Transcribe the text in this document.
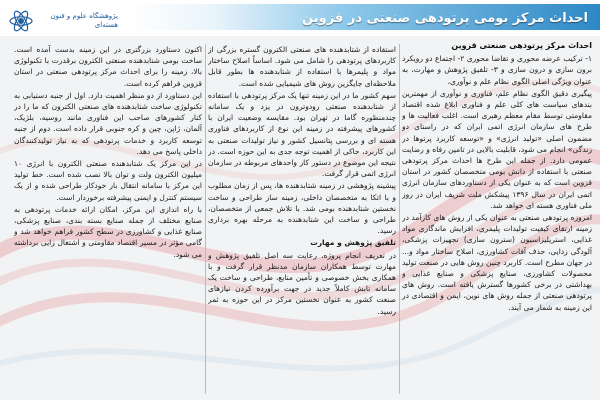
احداث مرکز بومی پرتودهی صنعتی در قزوین
پژوهشگاه علوم و فنون هسته‌ای
احداث مرکز پرتودهی صنعتی قزوین

۱- ترکیب عرضه محوری و تقاضا محوری ۲- اجتماع دو رویکرد برون سازی و درون سازی و ۳- تلفیق پژوهش و مهارت، به عنوان ویژگی اصلی الگوی نظام علم و نوآوری،

پیگیری دقیق الگوی نظام علم، فناوری و نوآوری از مهمترین بندهای سیاست های کلی علم و فناوری ابلاغ شده اقتصاد مقاومتی توسط مقام معظم رهبری است. اغلب فعالیت ها و طرح های سازمان انرژی اتمی ایران که در راستای دو مضمون اصلی «تولید انرژی» و «توسعه کاربرد پرتوها در زندگی» انجام می شود، قابلیت بالایی در تامین رفاه و رضایت عمومی دارد. از جمله این طرح ها احداث مرکز پرتودهی صنعتی با استفاده از دانش بومی متخصصان کشور در استان قزوین است که به عنوان یکی از دستاوردهای سازمان انرژی اتمی ایران در سال ۱۳۹۶ پیشکش ملت شریف ایران در روز ملی فناوری هسته ای خواهد شد.

امروزه پرتودهی صنعتی به عنوان یکی از روش های کارآمد در زمینه ارتقای کیفیت تولیدات پلیمری، افزایش ماندگاری مواد غذایی، استریلیزاسیون (سترون سازی) تجهیزات پزشکی، آلودگی زدایی، حذف آفات کشاورزی، اصلاح ساختار مواد و... در جهان مطرح است. کاربرد چنین روش هایی در صنعت تولید محصولات کشاورزی، صنایع پزشکی و صنایع غذایی و بهداشتی در برخی کشورها گسترش یافته است. روش های پرتودهی صنعتی از جمله روش های نوین، ایمن و اقتصادی در این زمینه به شمار می آیند.

استفاده از شتابدهنده های صنعتی الکترون گستره بزرگی از کاربردهای پرتودهی را شامل می شود. اساساً اصلاح ساختار مواد و پلیمرها با استفاده از شتابدهنده ها بطور قابل ملاحظه‌ای جایگزین روش های شیمیایی شده است.

سهم کشور ما در این زمینه تنها یک مرکز پرتودهی با استفاده از شتابدهنده صنعتی رودوترون در یزد و یک سامانه چندمنظوره گاما در تهران بود. مقایسه وضعیت ایران با کشورهای پیشرفته در زمینه این نوع از کاربردهای فناوری هسته ای و بررسی پتانسیل کشور و نیاز تولیدات صنعتی به این کاربرد، حاکی از اهمیت توجه جدی به این حوزه است. در نتیجه این موضوع در دستور کار واحدهای مربوطه در سازمان انرژی اتمی قرار گرفت.

پیشینه پژوهشی در زمینه شتابدهنده ها، پس از زمان مطلوب و با اتکا به متخصصان داخلی، زمینه ساز طراحی و ساخت نخستین شتابدهنده بومی شد. با تلاش جمعی از متخصصان، طراحی و ساخت این شتابدهنده به مرحله بهره برداری رسید.

تلفیق پژوهش و مهارت

در تعریف انجام پروژه، رعایت سه اصل تلفیق پژوهش و مهارت توسط همکاران سازمان مدنظر قرار گرفت و با همکاری بخش خصوصی و تأمین منابع، طراحی و ساخت یک سامانه تابش کاملاً جدید در جهت برآورده کردن نیازهای صنعت کشور به عنوان نخستین مرکز در این حوزه به ثمر رسید.

اکنون دستاورد بزرگتری در این زمینه بدست آمده است. ساخت بومی شتابدهنده صنعتی الکترون برقدرت با تکنولوژی بالا، زمینه را برای احداث مرکز پرتودهی صنعتی در استان قزوین فراهم کرده است.

این دستاورد از دو منظر اهمیت دارد. اول از جنبه دستیابی به تکنولوژی ساخت شتابدهنده های صنعتی الکترون که ما را در کنار کشورهای صاحب این فناوری مانند روسیه، بلژیک، آلمان، ژاپن، چین و کره جنوبی قرار داده است. دوم از جنبه توسعه کاربرد و خدمات پرتودهی که به نیاز تولیدکنندگان داخلی پاسخ می دهد.

در این مرکز یک شتابدهنده صنعتی الکترون با انرژی ۱۰ میلیون الکترون ولت و توان بالا نصب شده است. خط تولید این مرکز با سامانه انتقال بار خودکار طراحی شده و از یک سیستم کنترل و ایمنی پیشرفته برخوردار است.

با راه اندازی این مرکز، امکان ارائه خدمات پرتودهی به صنایع مختلف از جمله صنایع بسته بندی، صنایع پزشکی، صنایع غذایی و کشاورزی در سطح کشور فراهم خواهد شد و گامی مؤثر در مسیر اقتصاد مقاومتی و اشتغال زایی برداشته می شود.
